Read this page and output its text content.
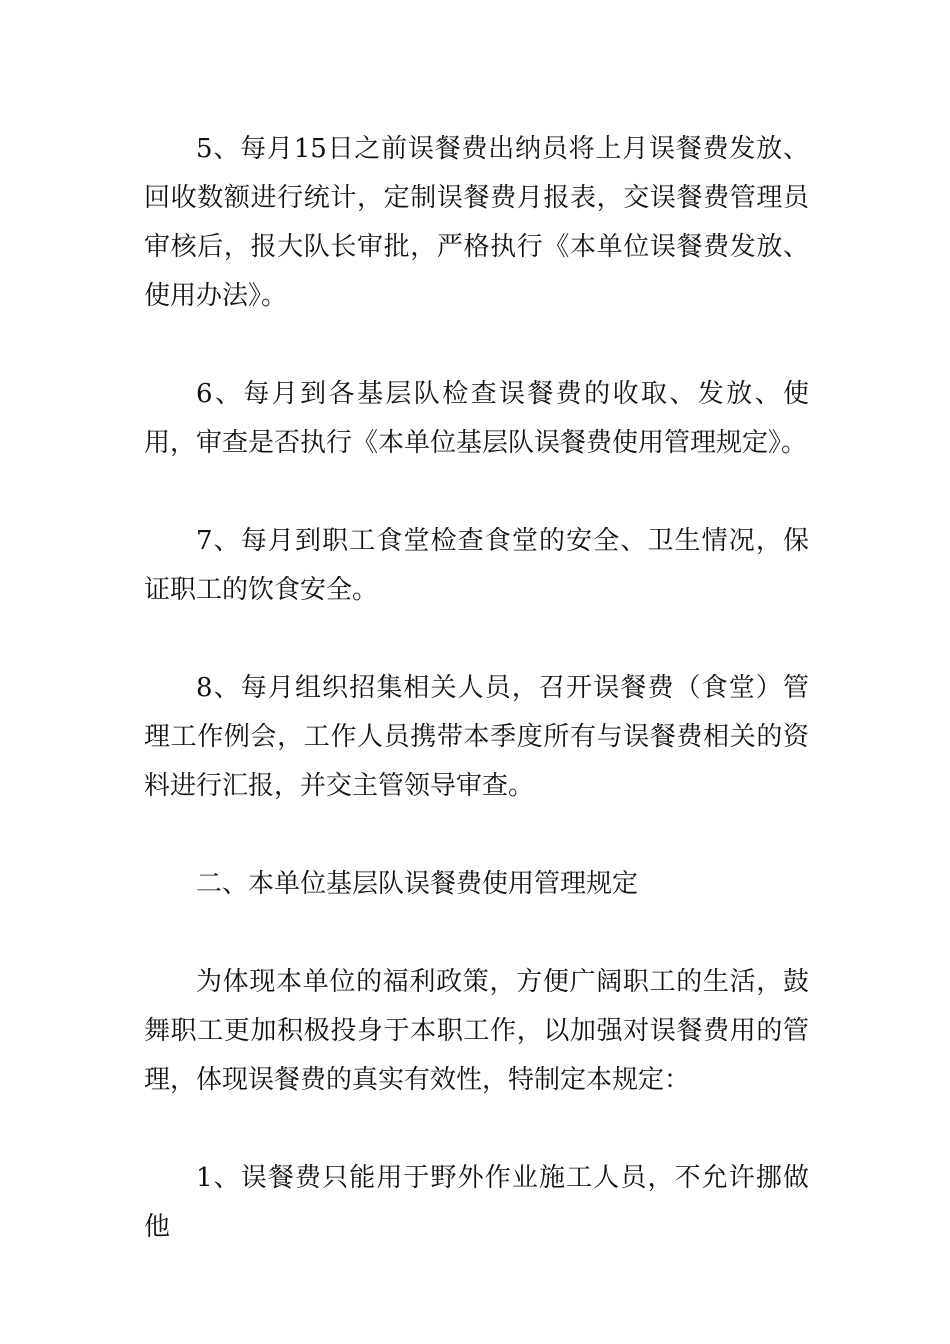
5、每月15日之前误餐费出纳员将上月误餐费发放、回收数额进行统计，定制误餐费月报表，交误餐费管理员审核后，报大队长审批，严格执行《本单位误餐费发放、使用办法》。

6、每月到各基层队检查误餐费的收取、发放、使用，审查是否执行《本单位基层队误餐费使用管理规定》。

7、每月到职工食堂检查食堂的安全、卫生情况，保证职工的饮食安全。

8、每月组织招集相关人员，召开误餐费（食堂）管理工作例会，工作人员携带本季度所有与误餐费相关的资料进行汇报，并交主管领导审查。

二、本单位基层队误餐费使用管理规定

为体现本单位的福利政策，方便广阔职工的生活，鼓舞职工更加积极投身于本职工作，以加强对误餐费用的管理，体现误餐费的真实有效性，特制定本规定：

1、误餐费只能用于野外作业施工人员，不允许挪做他
